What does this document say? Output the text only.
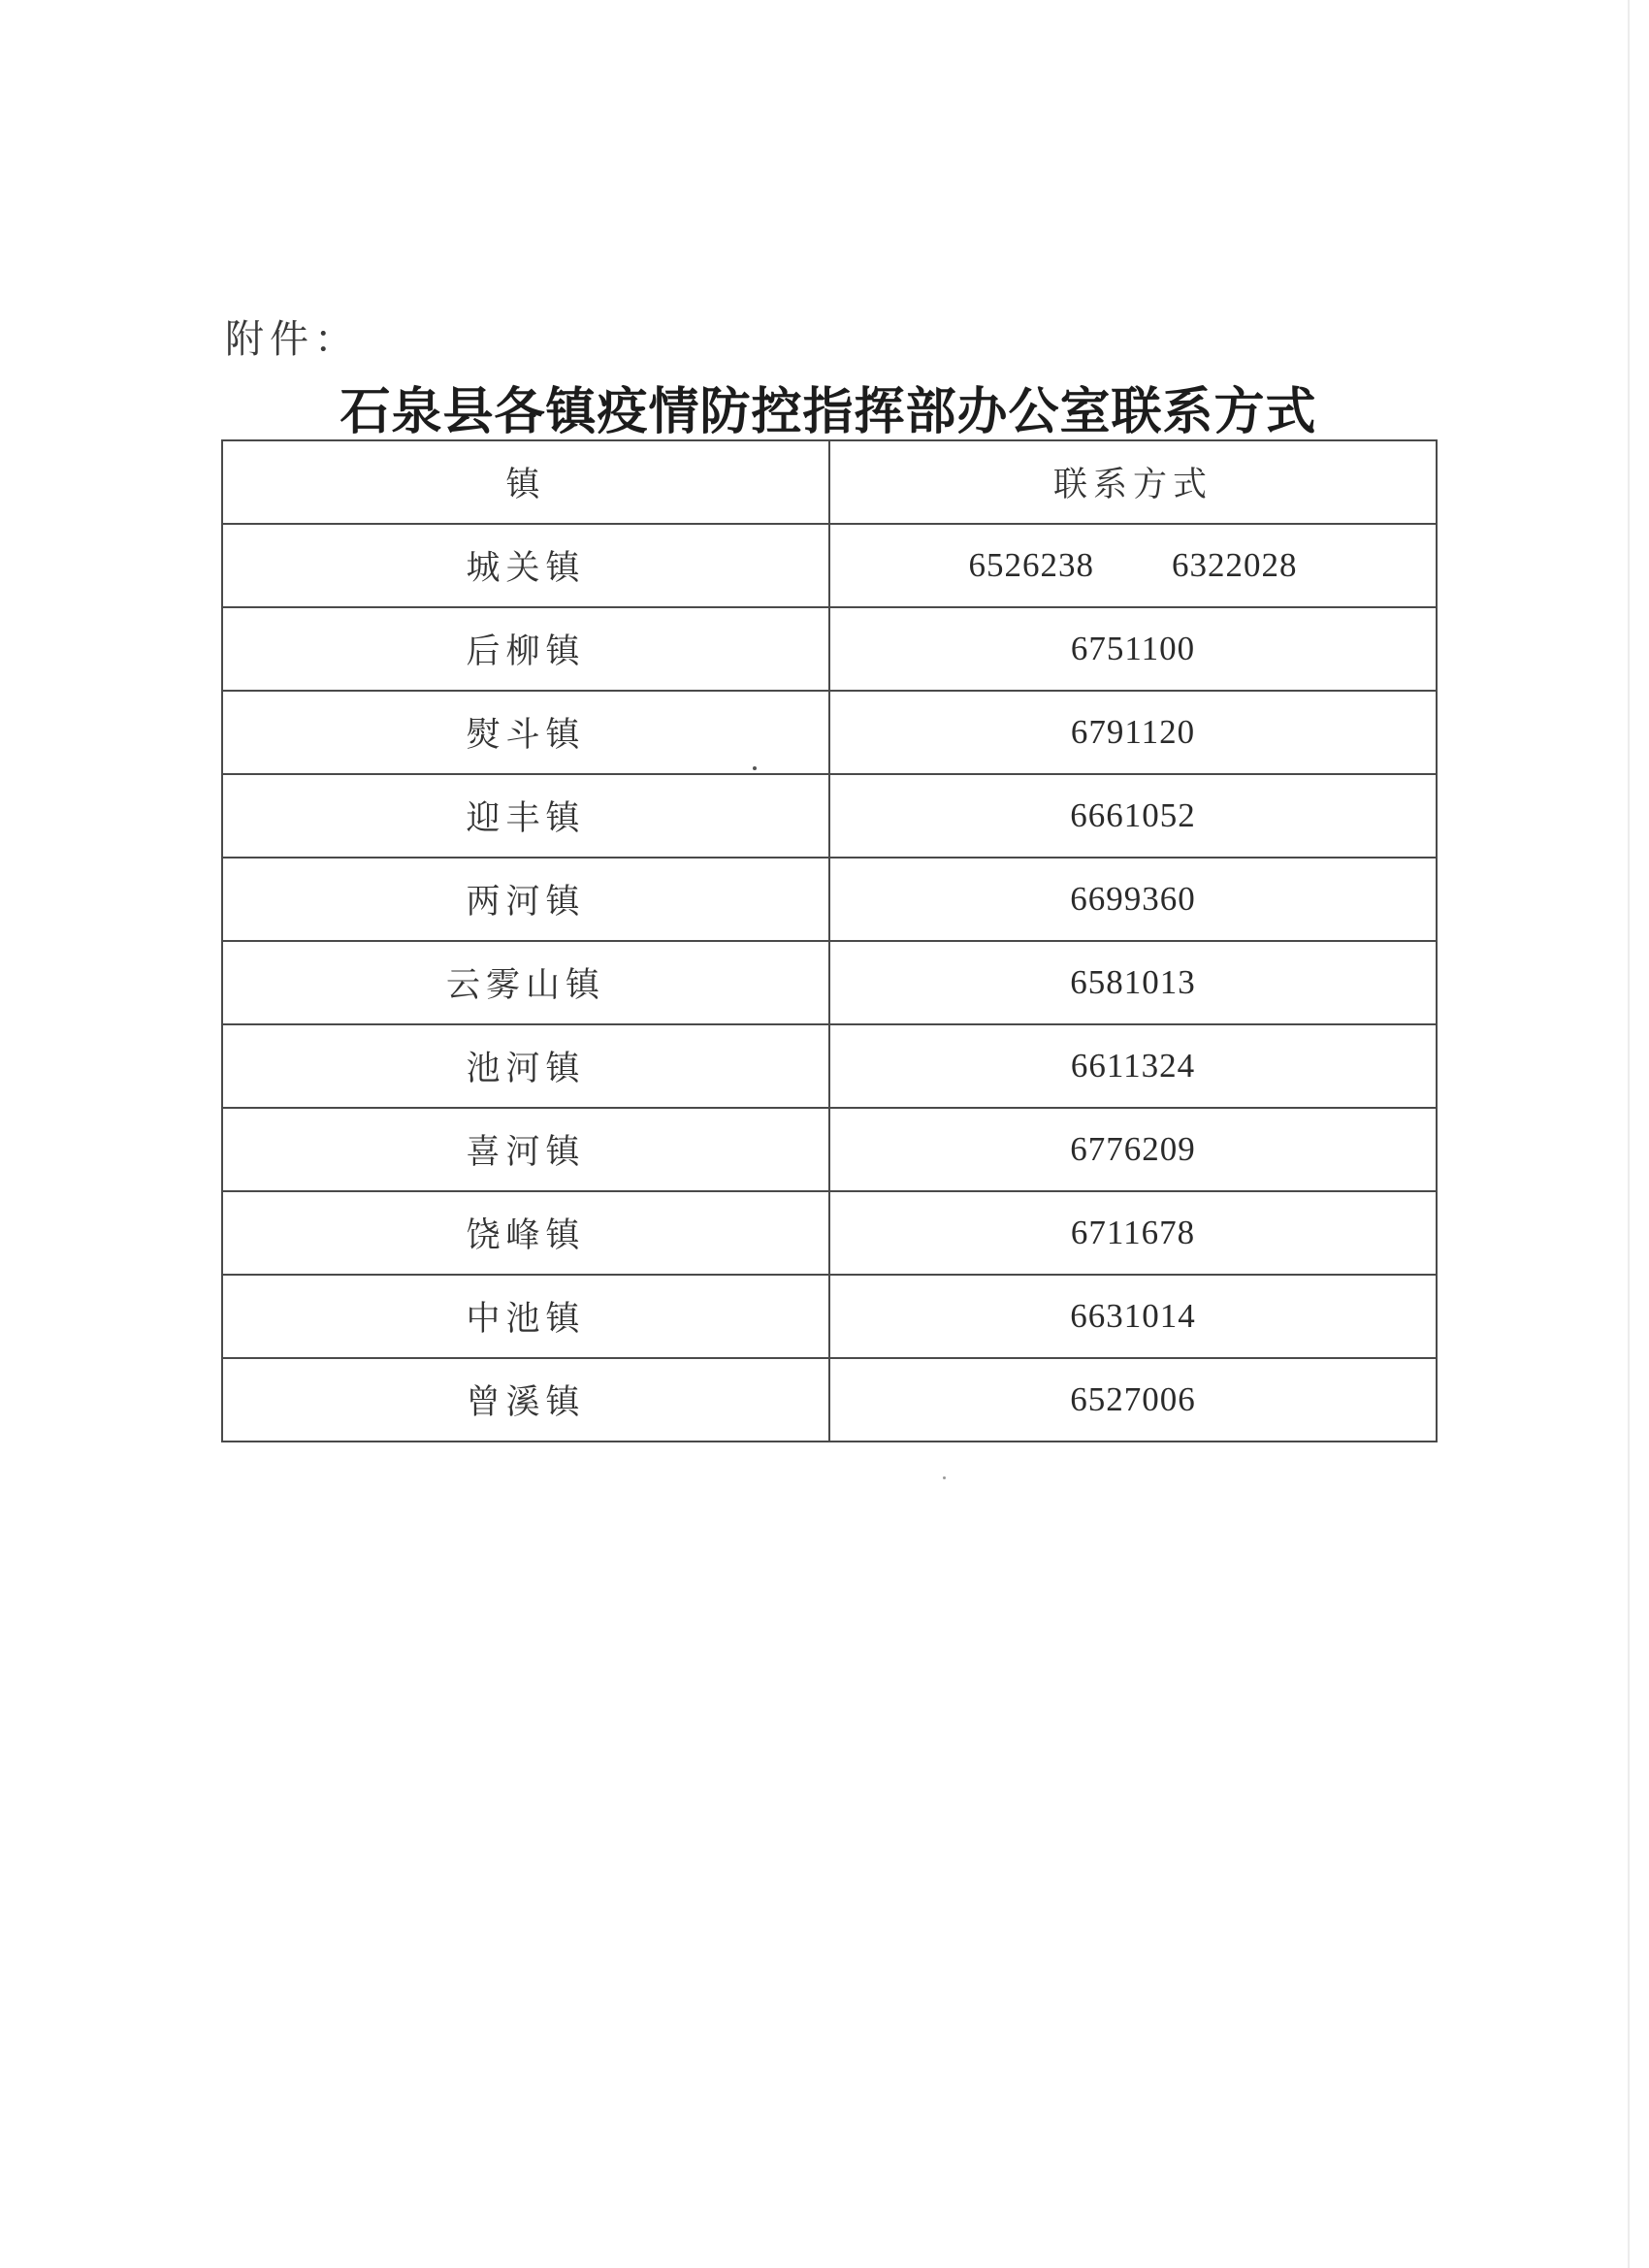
附件：
石泉县各镇疫情防控指挥部办公室联系方式
镇	联系方式
城关镇	6526238 6322028
后柳镇	6751100
熨斗镇	6791120
迎丰镇	6661052
两河镇	6699360
云雾山镇	6581013
池河镇	6611324
喜河镇	6776209
饶峰镇	6711678
中池镇	6631014
曾溪镇	6527006
